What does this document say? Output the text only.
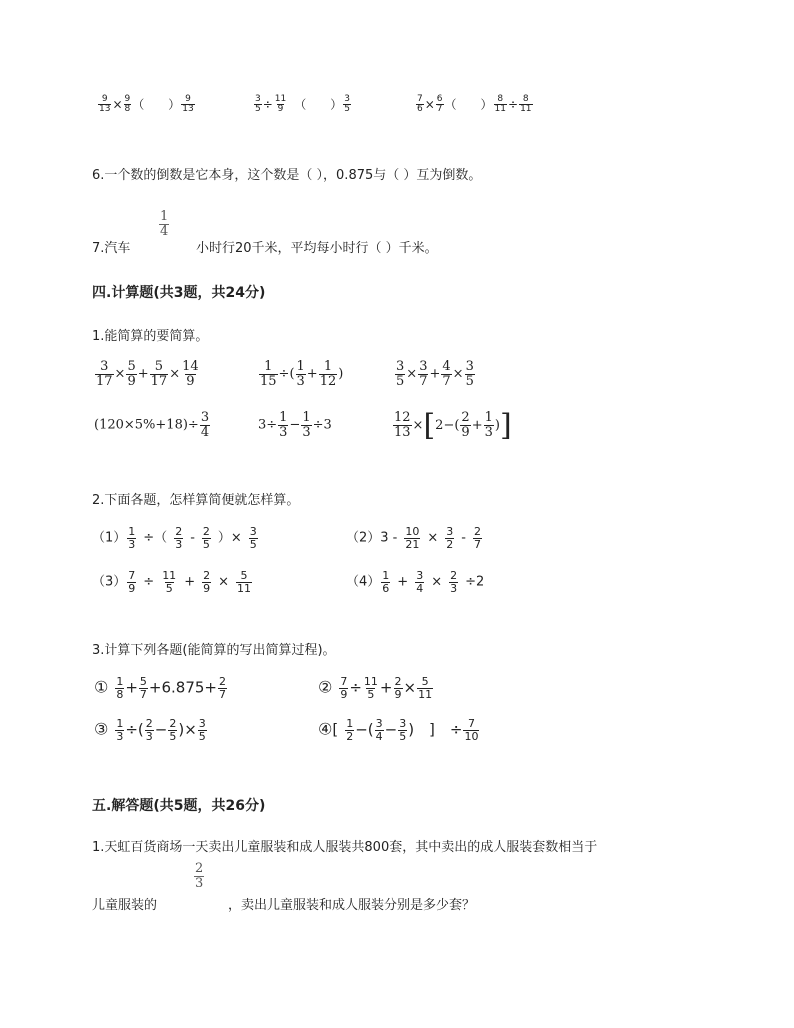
$\frac{9}{13} \times \frac{9}{8}$ （　　） $\frac{9}{13}$	$\frac{3}{5} \div \frac{11}{9}$ （　　） $\frac{3}{5}$	$\frac{7}{6} \times \frac{6}{7}$ （　　） $\frac{8}{11} \div \frac{8}{11}$
6.一个数的倒数是它本身，这个数是（ ），0.875与（ ）互为倒数。
$\frac{1}{4}$
7.汽车	小时行20千米，平均每小时行（ ）千米。
四.计算题(共3题，共24分)
1.能简算的要简算。
$\frac{3}{17} \times \frac{5}{9} + \frac{5}{17} \times \frac{14}{9}$	$\frac{1}{15}$ ÷( $\frac{1}{3} + \frac{1}{12}$ )	$\frac{3}{5} \times \frac{3}{7} + \frac{4}{7} \times \frac{3}{5}$
$(120\times 5\%+18)\div \frac{3}{4}$	$3\div \frac{1}{3} - \frac{1}{3} \div 3$	$\frac{12}{13} \times[2-( \frac{2}{9} + \frac{1}{3}$ )]
2.下面各题，怎样算简便就怎样算。
$(1) \frac{1}{3}$ ÷（ $\frac{2}{3} - \frac{2}{5}$ ）× $\frac{3}{5}$	$(2)3 - \frac{10}{21} \times \frac{3}{2} - \frac{2}{7}$
$(3) \frac{7}{9} \div \frac{11}{5} + \frac{2}{9} \times \frac{5}{11}$	$(4) \frac{1}{6} + \frac{3}{4} \times \frac{2}{3} \div 2$
3.计算下列各题(能简算的写出简算过程)。
① $\frac{1}{8} + \frac{5}{7} +6.875+ \frac{2}{7}$	② $\frac{7}{9} \div \frac{11}{5} + \frac{2}{9} \times \frac{5}{11}$
③ $\frac{1}{3}$ ÷( $\frac{2}{3} - \frac{2}{5}$ )× $\frac{3}{5}$	④[ $\frac{1}{2}$ −( $\frac{3}{4} - \frac{3}{5}$ )　]　÷ $\frac{7}{10}$
五.解答题(共5题，共26分)
1.天虹百货商场一天卖出儿童服装和成人服装共800套，其中卖出的成人服装套数相当于
$\frac{2}{3}$
儿童服装的	，卖出儿童服装和成人服装分别是多少套？
